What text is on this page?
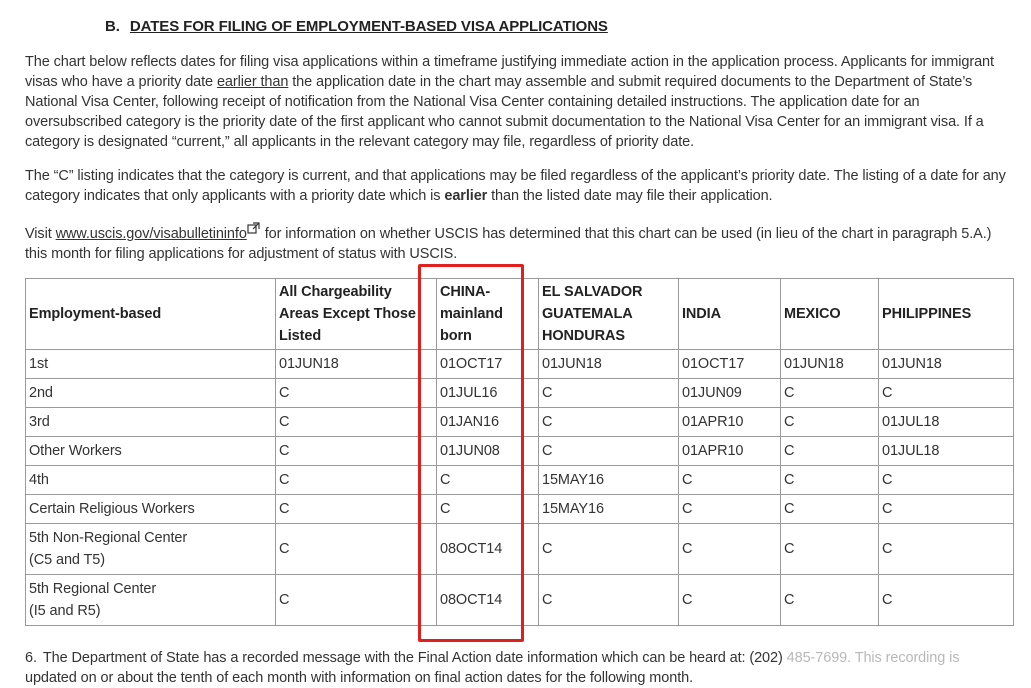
B. DATES FOR FILING OF EMPLOYMENT-BASED VISA APPLICATIONS

The chart below reflects dates for filing visa applications within a timeframe justifying immediate action in the application process. Applicants for immigrant visas who have a priority date earlier than the application date in the chart may assemble and submit required documents to the Department of State’s National Visa Center, following receipt of notification from the National Visa Center containing detailed instructions. The application date for an oversubscribed category is the priority date of the first applicant who cannot submit documentation to the National Visa Center for an immigrant visa. If a category is designated “current,” all applicants in the relevant category may file, regardless of priority date.

The “C” listing indicates that the category is current, and that applications may be filed regardless of the applicant’s priority date. The listing of a date for any category indicates that only applicants with a priority date which is earlier than the listed date may file their application.

Visit www.uscis.gov/visabulletininfo for information on whether USCIS has determined that this chart can be used (in lieu of the chart in paragraph 5.A.) this month for filing applications for adjustment of status with USCIS.

Employment-based	All Chargeability Areas Except Those Listed	CHINA-mainland born	EL SALVADOR GUATEMALA HONDURAS	INDIA	MEXICO	PHILIPPINES
1st	01JUN18	01OCT17	01JUN18	01OCT17	01JUN18	01JUN18
2nd	C	01JUL16	C	01JUN09	C	C
3rd	C	01JAN16	C	01APR10	C	01JUL18
Other Workers	C	01JUN08	C	01APR10	C	01JUL18
4th	C	C	15MAY16	C	C	C
Certain Religious Workers	C	C	15MAY16	C	C	C
5th Non-Regional Center
(C5 and T5)	C	08OCT14	C	C	C	C
5th Regional Center
(I5 and R5)	C	08OCT14	C	C	C	C

6. The Department of State has a recorded message with the Final Action date information which can be heard at: (202) 485-7699. This recording is updated on or about the tenth of each month with information on final action dates for the following month.
